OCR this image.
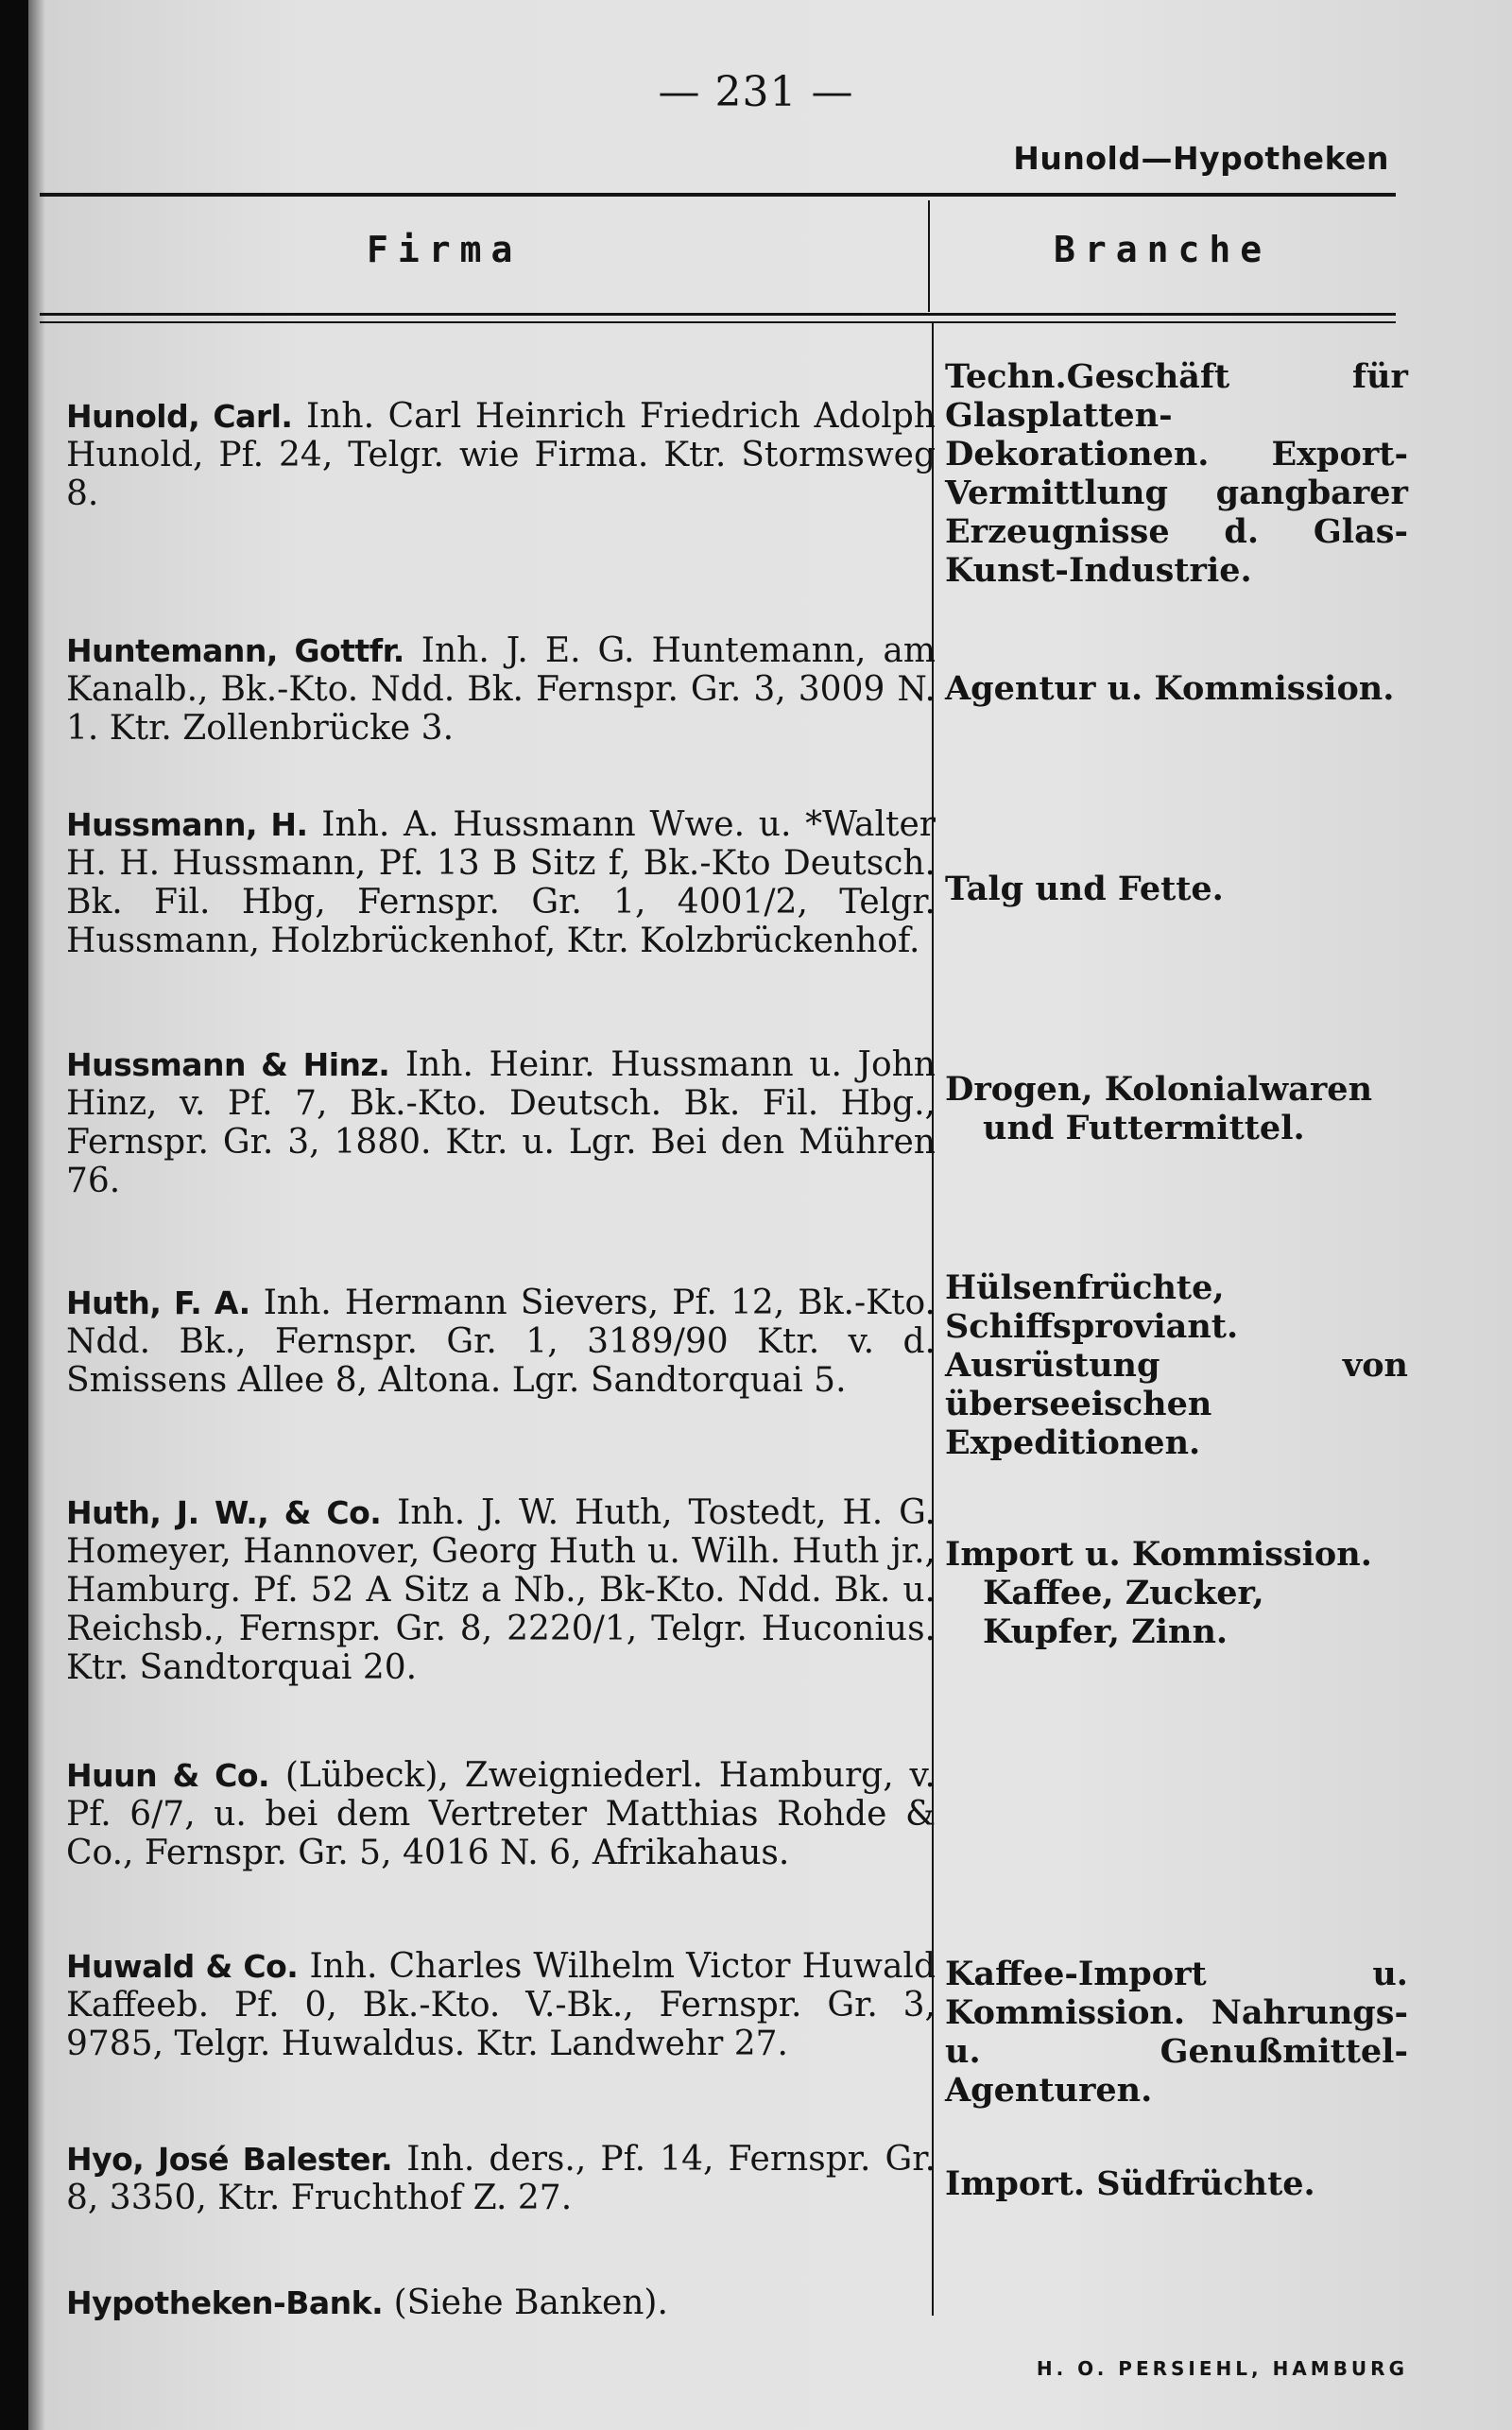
— 231 —
Hunold—Hypotheken
Firma	Branche
Hunold, Carl. Inh. Carl Heinrich Friedrich Adolph Hunold, Pf. 24, Telgr. wie Firma. Ktr. Stormsweg 8.
Techn.Geschäft für Glasplatten-Dekorationen. Export-Vermittlung gangbarer Erzeugnisse d. Glas-Kunst-Industrie.
Huntemann, Gottfr. Inh. J. E. G. Huntemann, am Kanalb., Bk.-Kto. Ndd. Bk. Fernspr. Gr. 3, 3009 N. 1. Ktr. Zollenbrücke 3.
Agentur u. Kommission.
Hussmann, H. Inh. A. Hussmann Wwe. u. *Walter H. H. Hussmann, Pf. 13 B Sitz f, Bk.-Kto Deutsch. Bk. Fil. Hbg, Fernspr. Gr. 1, 4001/2, Telgr. Hussmann, Holzbrückenhof, Ktr. Kolzbrückenhof.
Talg und Fette.
Hussmann & Hinz. Inh. Heinr. Hussmann u. John Hinz, v. Pf. 7, Bk.-Kto. Deutsch. Bk. Fil. Hbg., Fernspr. Gr. 3, 1880. Ktr. u. Lgr. Bei den Mühren 76.
Drogen, Kolonialwaren
und Futtermittel.
Huth, F. A. Inh. Hermann Sievers, Pf. 12, Bk.-Kto. Ndd. Bk., Fernspr. Gr. 1, 3189/90 Ktr. v. d. Smissens Allee 8, Altona. Lgr. Sandtorquai 5.
Hülsenfrüchte, Schiffsproviant. Ausrüstung von überseeischen Expeditionen.
Huth, J. W., & Co. Inh. J. W. Huth, Tostedt, H. G. Homeyer, Hannover, Georg Huth u. Wilh. Huth jr., Hamburg. Pf. 52 A Sitz a Nb., Bk-Kto. Ndd. Bk. u. Reichsb., Fernspr. Gr. 8, 2220/1, Telgr. Huconius. Ktr. Sandtorquai 20.
Import u. Kommission.
Kaffee, Zucker, Kupfer, Zinn.
Huun & Co. (Lübeck), Zweigniederl. Hamburg, v. Pf. 6/7, u. bei dem Vertreter Matthias Rohde & Co., Fernspr. Gr. 5, 4016 N. 6, Afrikahaus.
Huwald & Co. Inh. Charles Wilhelm Victor Huwald Kaffeeb. Pf. 0, Bk.-Kto. V.-Bk., Fernspr. Gr. 3, 9785, Telgr. Huwaldus. Ktr. Landwehr 27.
Kaffee-Import u. Kommission. Nahrungs- u. Genußmittel-Agenturen.
Hyo, José Balester. Inh. ders., Pf. 14, Fernspr. Gr. 8, 3350, Ktr. Fruchthof Z. 27.	Import. Südfrüchte.
Hypotheken-Bank. (Siehe Banken).
H. O. PERSIEHL, HAMBURG
